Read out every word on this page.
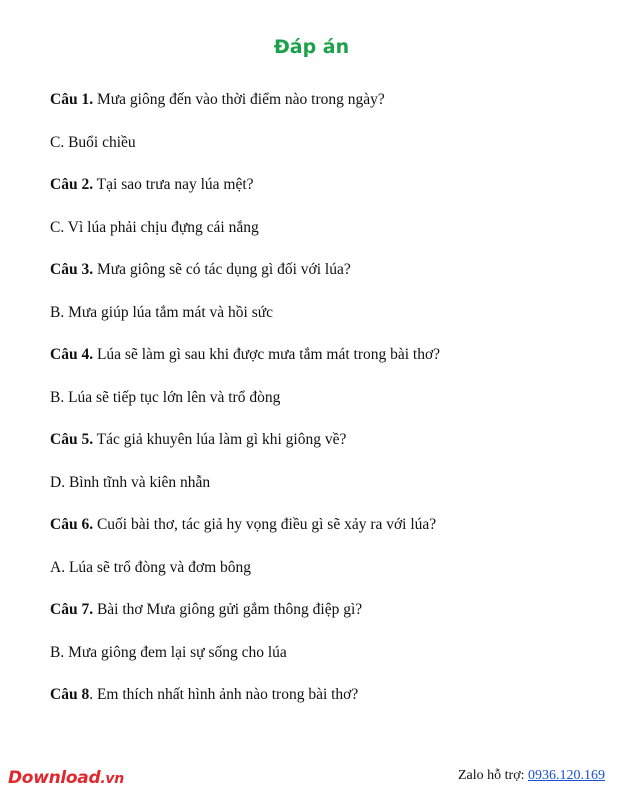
Đáp án

Câu 1. Mưa giông đến vào thời điểm nào trong ngày?

C. Buổi chiều

Câu 2. Tại sao trưa nay lúa mệt?

C. Vì lúa phải chịu đựng cái nắng

Câu 3. Mưa giông sẽ có tác dụng gì đối với lúa?

B. Mưa giúp lúa tắm mát và hồi sức

Câu 4. Lúa sẽ làm gì sau khi được mưa tắm mát trong bài thơ?

B. Lúa sẽ tiếp tục lớn lên và trổ đòng

Câu 5. Tác giả khuyên lúa làm gì khi giông về?

D. Bình tĩnh và kiên nhẫn

Câu 6. Cuối bài thơ, tác giả hy vọng điều gì sẽ xảy ra với lúa?

A. Lúa sẽ trổ đòng và đơm bông

Câu 7. Bài thơ Mưa giông gửi gắm thông điệp gì?

B. Mưa giông đem lại sự sống cho lúa

Câu 8. Em thích nhất hình ảnh nào trong bài thơ?

Download.vn	Zalo hỗ trợ: 0936.120.169
